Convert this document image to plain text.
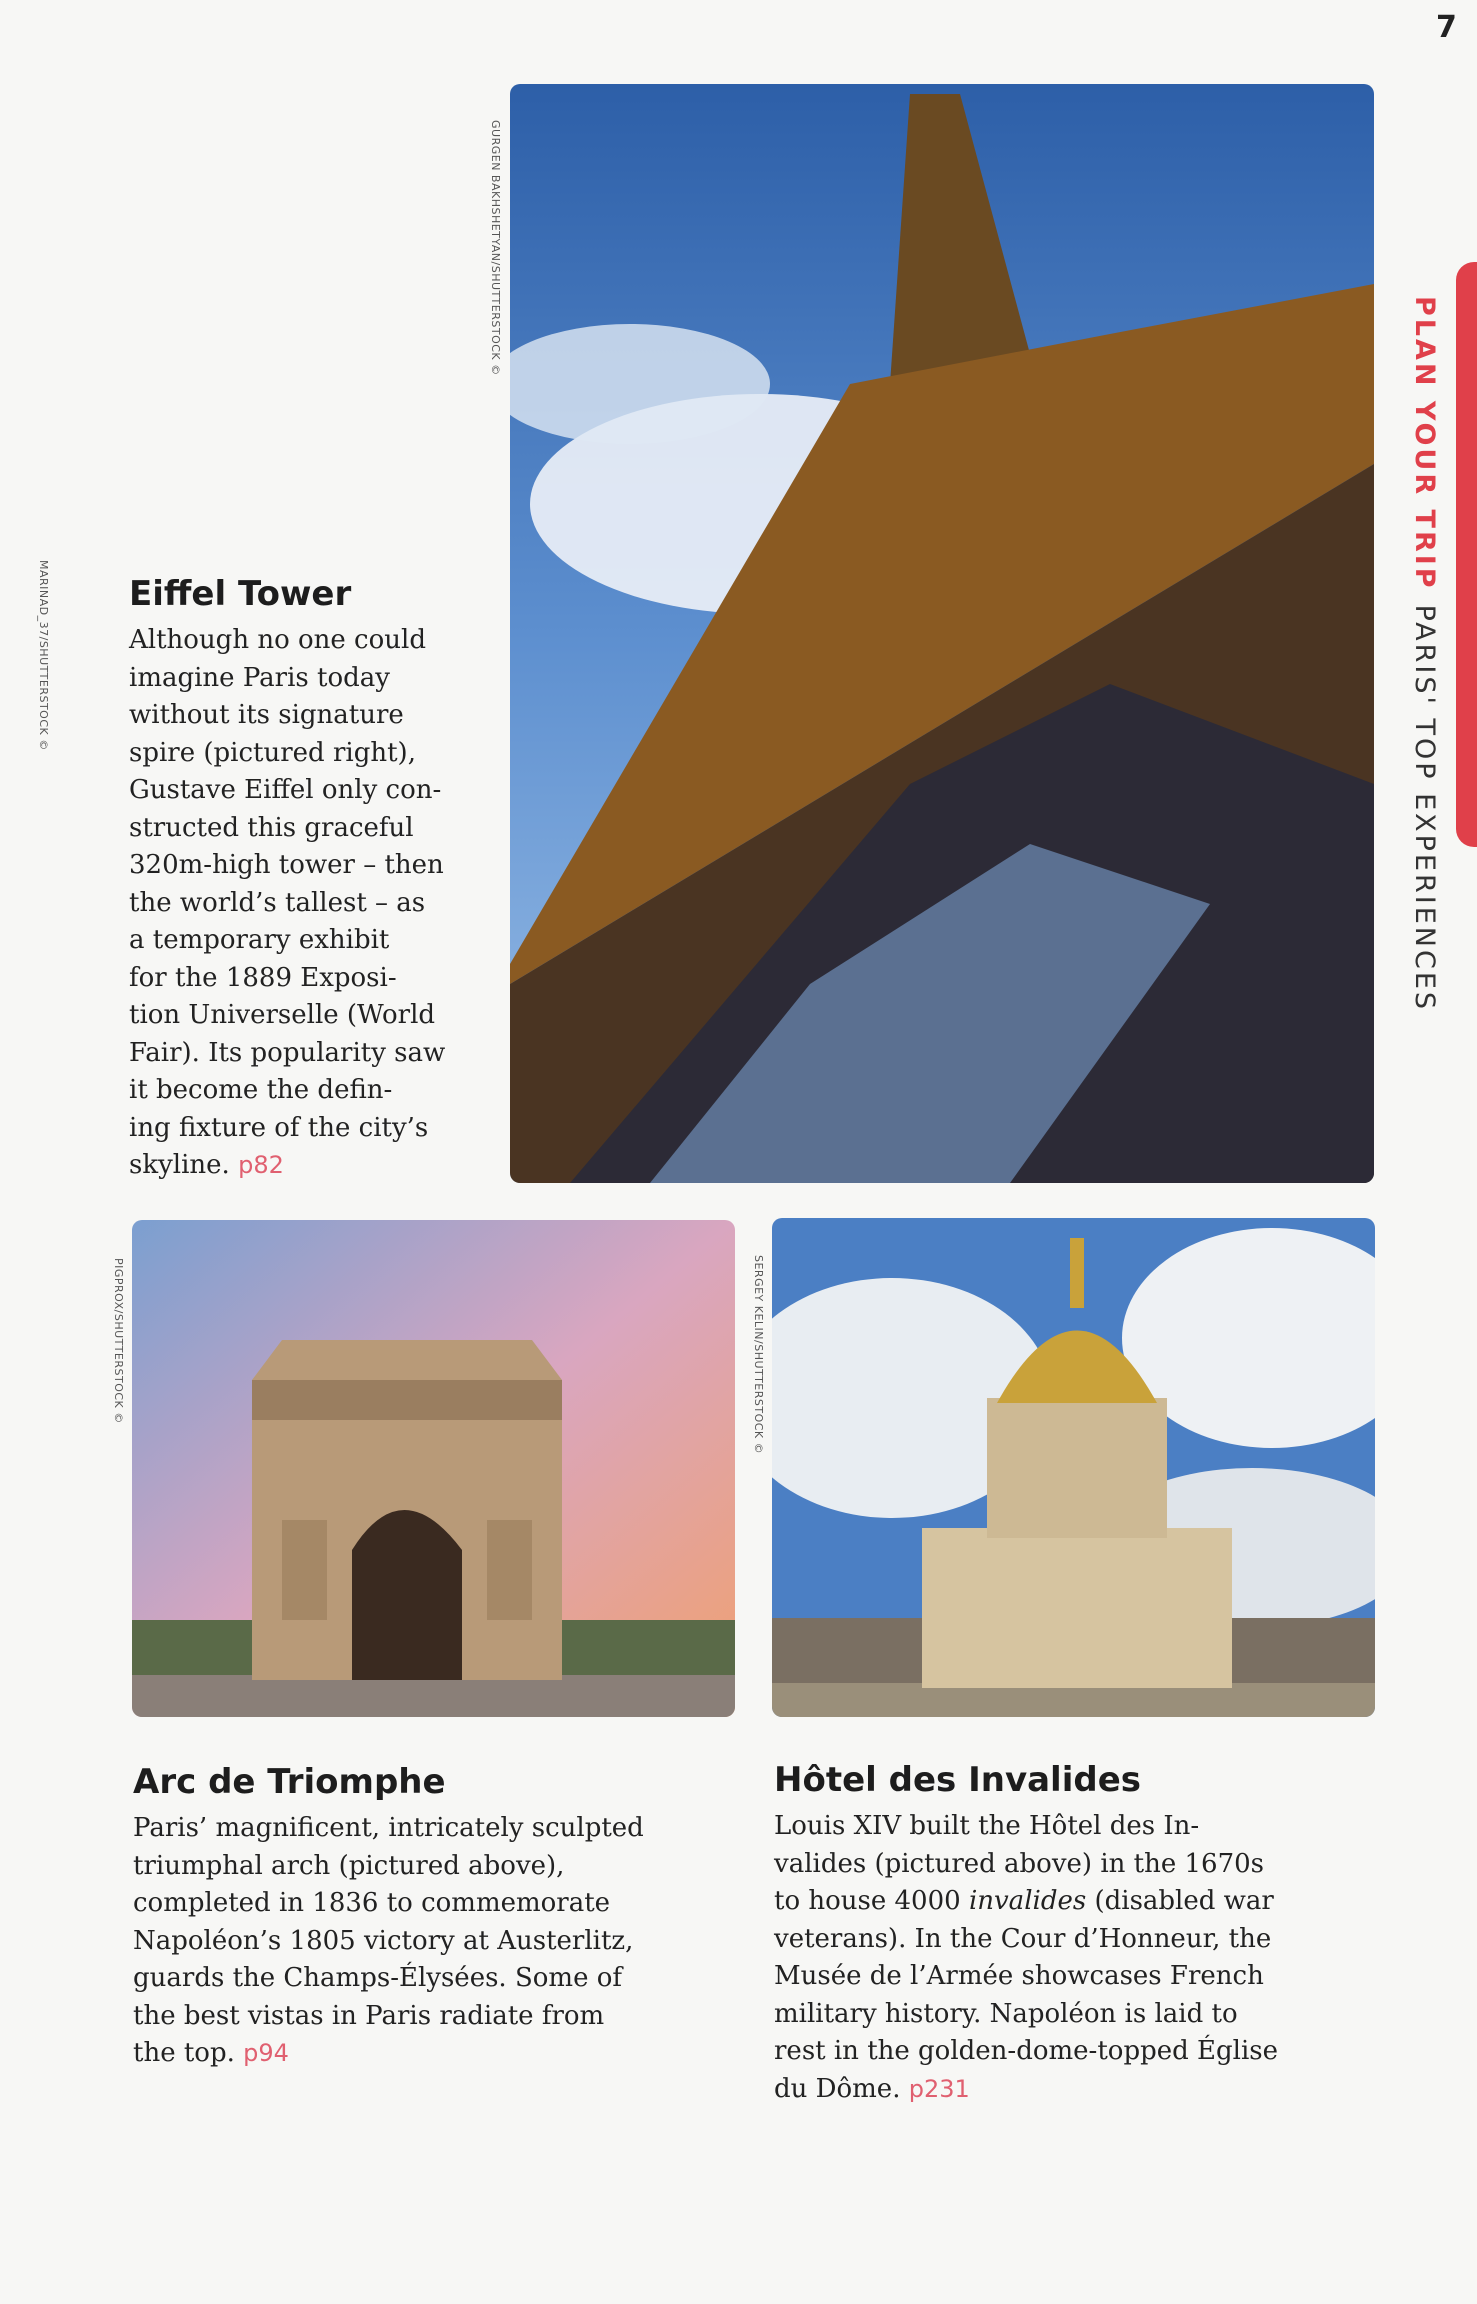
7
PLAN YOUR TRIPPARIS' TOP EXPERIENCES
MARINAD_37/SHUTTERSTOCK ©
GURGEN BAKHSHETYAN/SHUTTERSTOCK ©
PIGPROX/SHUTTERSTOCK ©	SERGEY KELIN/SHUTTERSTOCK ©
Eiffel Tower
Although no one could
imagine Paris today
without its signature
spire (pictured right),
Gustave Eiffel only con-
structed this graceful
320m-high tower – then
the world’s tallest – as
a temporary exhibit
for the 1889 Exposi-
tion Universelle (World
Fair). Its popularity saw
it become the defin-
ing fixture of the city’s
skyline. p82
Arc de Triomphe
Paris’ magnificent, intricately sculpted
triumphal arch (pictured above),
completed in 1836 to commemorate
Napoléon’s 1805 victory at Austerlitz,
guards the Champs-Élysées. Some of
the best vistas in Paris radiate from
the top. p94
Hôtel des Invalides
Louis XIV built the Hôtel des In-
valides (pictured above) in the 1670s
to house 4000 invalides (disabled war
veterans). In the Cour d’Honneur, the
Musée de l’Armée showcases French
military history. Napoléon is laid to
rest in the golden-dome-topped Église
du Dôme. p231
